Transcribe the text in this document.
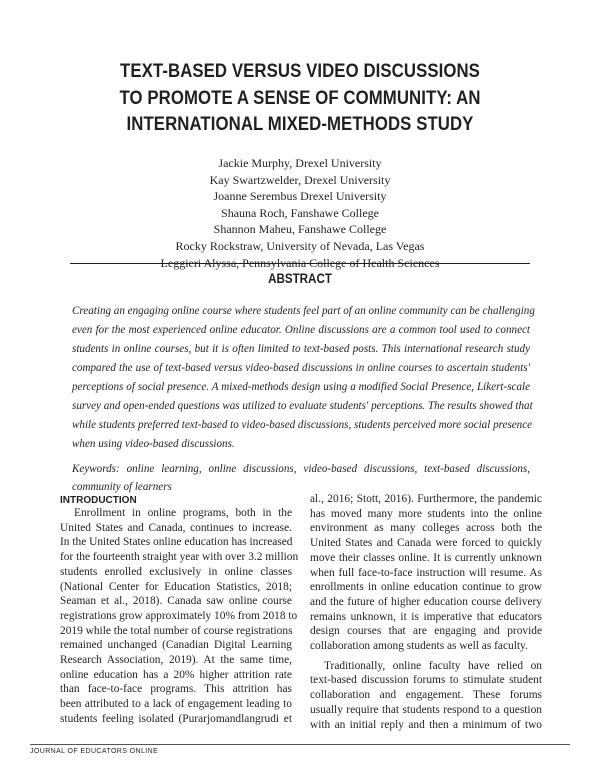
TEXT-BASED VERSUS VIDEO DISCUSSIONS
TO PROMOTE A SENSE OF COMMUNITY: AN
INTERNATIONAL MIXED-METHODS STUDY
Jackie Murphy, Drexel University
Kay Swartzwelder, Drexel University
Joanne Serembus Drexel University
Shauna Roch, Fanshawe College
Shannon Maheu, Fanshawe College
Rocky Rockstraw, University of Nevada, Las Vegas
Leggieri Alyssa, Pennsylvania College of Health Sciences
ABSTRACT
Creating an engaging online course where students feel part of an online community can be challenging
even for the most experienced online educator. Online discussions are a common tool used to connect
students in online courses, but it is often limited to text-based posts. This international research study
compared the use of text-based versus video-based discussions in online courses to ascertain students'
perceptions of social presence. A mixed-methods design using a modified Social Presence, Likert-scale
survey and open-ended questions was utilized to evaluate students' perceptions. The results showed that
while students preferred text-based to video-based discussions, students perceived more social presence
when using video-based discussions.
Keywords: online learning, online discussions, video-based discussions, text-based discussions,
community of learners
INTRODUCTION
Enrollment in online programs, both in the
United States and Canada, continues to increase.
In the United States online education has increased
for the fourteenth straight year with over 3.2 million
students enrolled exclusively in online classes
(National Center for Education Statistics, 2018;
Seaman et al., 2018). Canada saw online course
registrations grow approximately 10% from 2018 to
2019 while the total number of course registrations
remained unchanged (Canadian Digital Learning
Research Association, 2019). At the same time,
online education has a 20% higher attrition rate
than face-to-face programs. This attrition has
been attributed to a lack of engagement leading to
students feeling isolated (Purarjomandlangrudi et
al., 2016; Stott, 2016). Furthermore, the pandemic
has moved many more students into the online
environment as many colleges across both the
United States and Canada were forced to quickly
move their classes online. It is currently unknown
when full face-to-face instruction will resume. As
enrollments in online education continue to grow
and the future of higher education course delivery
remains unknown, it is imperative that educators
design courses that are engaging and provide
collaboration among students as well as faculty.
Traditionally, online faculty have relied on
text-based discussion forums to stimulate student
collaboration and engagement. These forums
usually require that students respond to a question
with an initial reply and then a minimum of two
JOURNAL OF EDUCATORS ONLINE
